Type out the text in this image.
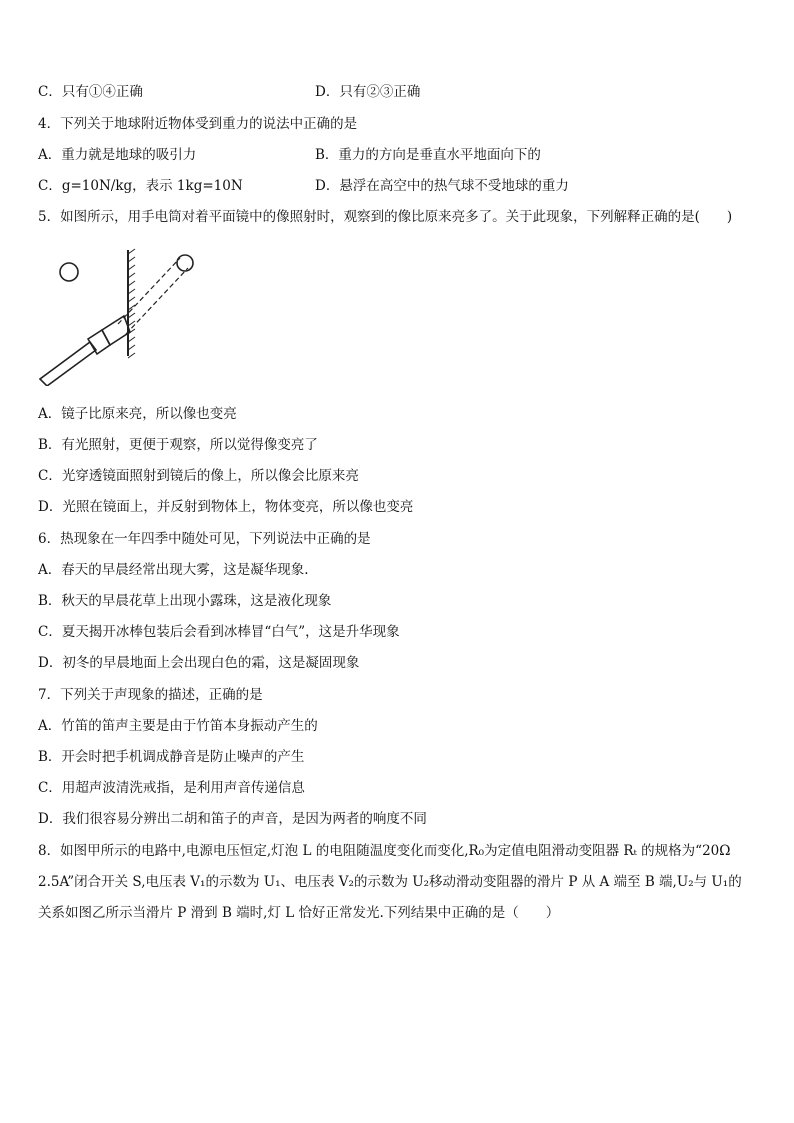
C．只有①④正确	D．只有②③正确
4．下列关于地球附近物体受到重力的说法中正确的是
A．重力就是地球的吸引力	B．重力的方向是垂直水平地面向下的
C．g=10N/kg，表示 1kg=10N	D．悬浮在高空中的热气球不受地球的重力
5．如图所示，用手电筒对着平面镜中的像照射时，观察到的像比原来亮多了。关于此现象，下列解释正确的是(　　)
A．镜子比原来亮，所以像也变亮
B．有光照射，更便于观察，所以觉得像变亮了
C．光穿透镜面照射到镜后的像上，所以像会比原来亮
D．光照在镜面上，并反射到物体上，物体变亮，所以像也变亮
6．热现象在一年四季中随处可见，下列说法中正确的是
A．春天的早晨经常出现大雾，这是凝华现象.
B．秋天的早晨花草上出现小露珠，这是液化现象
C．夏天揭开冰棒包装后会看到冰棒冒“白气”，这是升华现象
D．初冬的早晨地面上会出现白色的霜，这是凝固现象
7．下列关于声现象的描述，正确的是
A．竹笛的笛声主要是由于竹笛本身振动产生的
B．开会时把手机调成静音是防止噪声的产生
C．用超声波清洗戒指，是利用声音传递信息
D．我们很容易分辨出二胡和笛子的声音，是因为两者的响度不同
8．如图甲所示的电路中,电源电压恒定,灯泡 L 的电阻随温度变化而变化,R₀为定值电阻滑动变阻器 Rₜ 的规格为“20Ω
2.5A”闭合开关 S,电压表 V₁的示数为 U₁、电压表 V₂的示数为 U₂移动滑动变阻器的滑片 P 从 A 端至 B 端,U₂与 U₁的
关系如图乙所示当滑片 P 滑到 B 端时,灯 L 恰好正常发光.下列结果中正确的是（　　）
